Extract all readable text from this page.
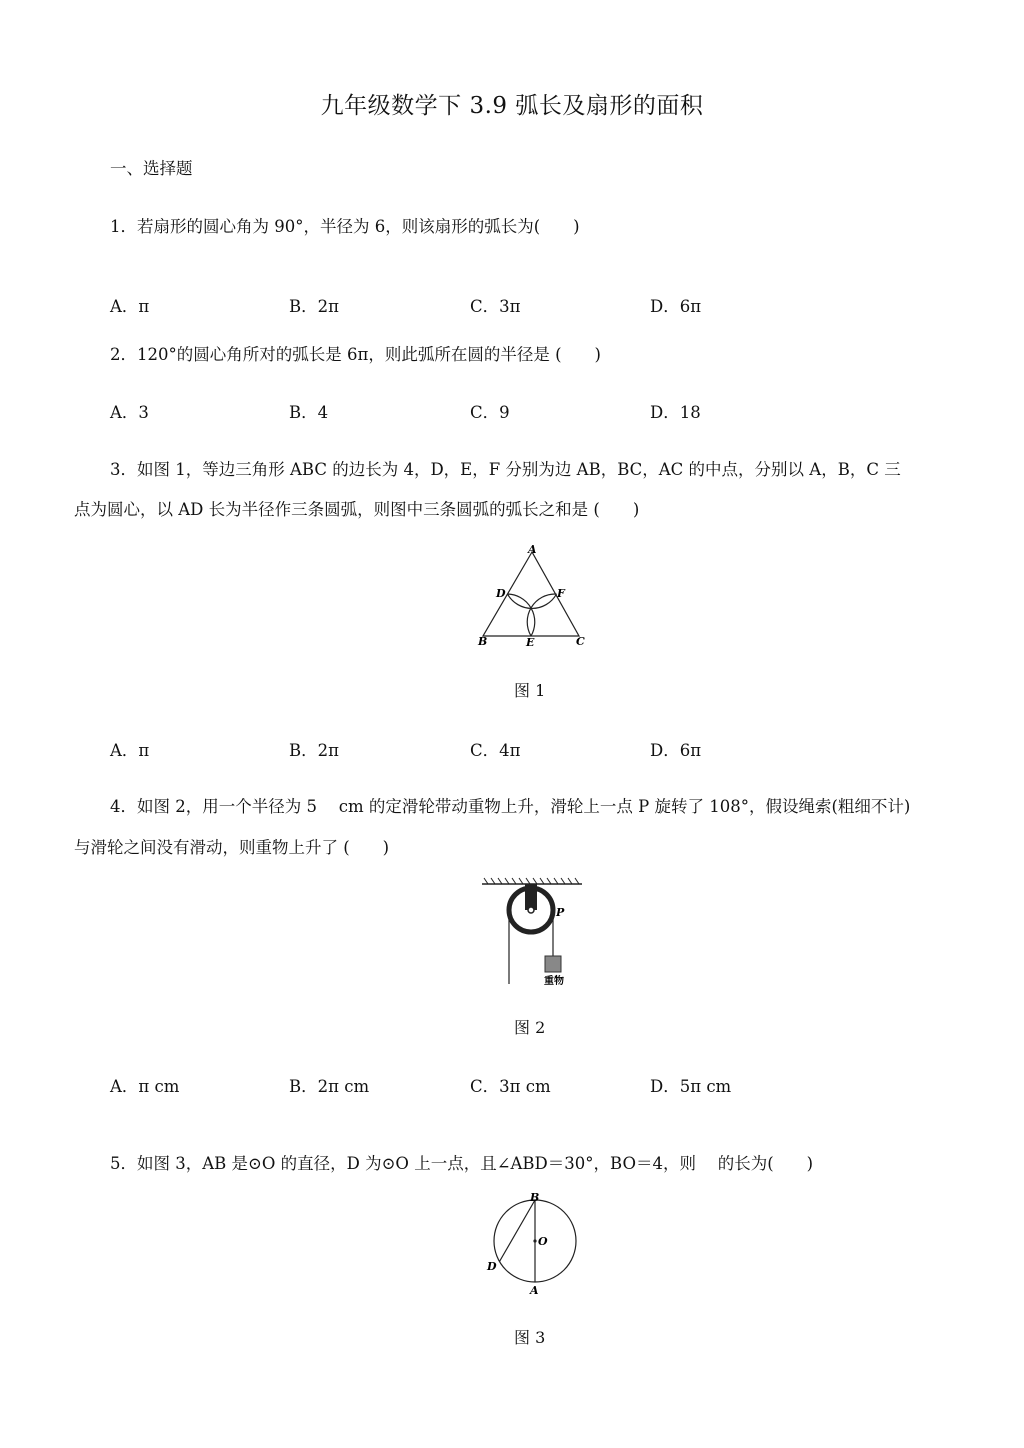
九年级数学下 3.9 弧长及扇形的面积
一、选择题
1．若扇形的圆心角为 90°，半径为 6，则该扇形的弧长为(　　)
A．π	B．2π	C．3π	D．6π
2．120°的圆心角所对的弧长是 6π，则此弧所在圆的半径是 (　　)
A．3	B．4	C．9	D．18
3．如图 1，等边三角形 ABC 的边长为 4，D，E，F 分别为边 AB，BC，AC 的中点，分别以 A，B，C 三
点为圆心，以 AD 长为半径作三条圆弧，则图中三条圆弧的弧长之和是 (　　)
A
D	F
B	E	C
图 1
A．π	B．2π	C．4π	D．6π
4．如图 2，用一个半径为 5　 cm 的定滑轮带动重物上升，滑轮上一点 P 旋转了 108°，假设绳索(粗细不计)
与滑轮之间没有滑动，则重物上升了 (　　)
P
重物
图 2
A．π cm	B．2π cm	C．3π cm	D．5π cm
5．如图 3，AB 是⊙O 的直径，D 为⊙O 上一点，且∠ABD＝30°，BO＝4，则　 的长为(　　)
B
O
D
A
图 3
